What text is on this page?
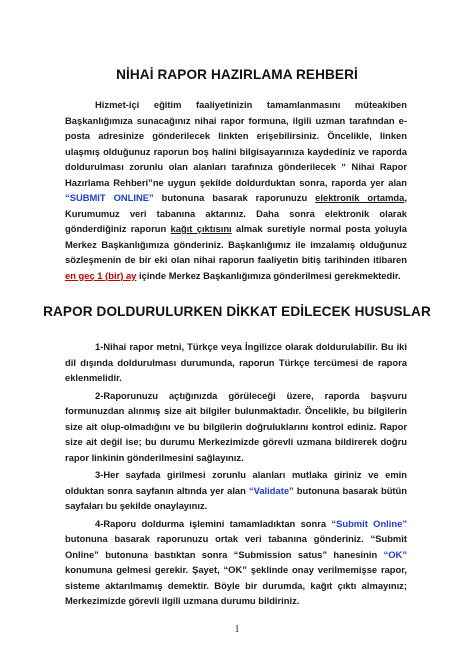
NİHAİ RAPOR HAZIRLAMA REHBERİ

Hizmet-içi eğitim faaliyetinizin tamamlanmasını müteakiben Başkanlığımıza sunacağınız nihai rapor formuna, ilgili uzman tarafından e-posta adresinize gönderilecek linkten erişebilirsiniz. Öncelikle, linken ulaşmış olduğunuz raporun boş halini bilgisayarınıza kaydediniz ve raporda doldurulması zorunlu olan alanları tarafınıza gönderilecek “ Nihai Rapor Hazırlama Rehberi”ne uygun şekilde doldurduktan sonra, raporda yer alan “SUBMIT ONLINE” butonuna basarak raporunuzu elektronik ortamda, Kurumumuz veri tabanına aktarınız. Daha sonra elektronik olarak gönderdiğiniz raporun kağıt çıktısını almak suretiyle normal posta yoluyla Merkez Başkanlığımıza gönderiniz. Başkanlığımız ile imzalamış olduğunuz sözleşmenin de bir eki olan nihai raporun faaliyetin bitiş tarihinden itibaren en geç 1 (bir) ay içinde Merkez Başkanlığımıza gönderilmesi gerekmektedir.

RAPOR DOLDURULURKEN DİKKAT EDİLECEK HUSUSLAR

1-Nihai rapor metni, Türkçe veya İngilizce olarak doldurulabilir. Bu iki dil dışında doldurulması durumunda, raporun Türkçe tercümesi de rapora eklenmelidir.

2-Raporunuzu açtığınızda görüleceği üzere, raporda başvuru formunuzdan alınmış size ait bilgiler bulunmaktadır. Öncelikle, bu bilgilerin size ait olup-olmadığını ve bu bilgilerin doğruluklarını kontrol ediniz. Rapor size ait değil ise; bu durumu Merkezimizde görevli uzmana bildirerek doğru rapor linkinin gönderilmesini sağlayınız.

3-Her sayfada girilmesi zorunlu alanları mutlaka giriniz ve emin olduktan sonra sayfanın altında yer alan “Validate” butonuna basarak bütün sayfaları bu şekilde onaylayınız.

4-Raporu doldurma işlemini tamamladıktan sonra “Submit Online” butonuna basarak raporunuzu ortak veri tabanına gönderiniz. “Submit Online” butonuna bastıktan sonra “Submission satus” hanesinin “OK” konumuna gelmesi gerekir. Şayet, “OK” şeklinde onay verilmemişse rapor, sisteme aktarılmamış demektir. Böyle bir durumda, kağıt çıktı almayınız; Merkezimizde görevli ilgili uzmana durumu bildiriniz.

1
